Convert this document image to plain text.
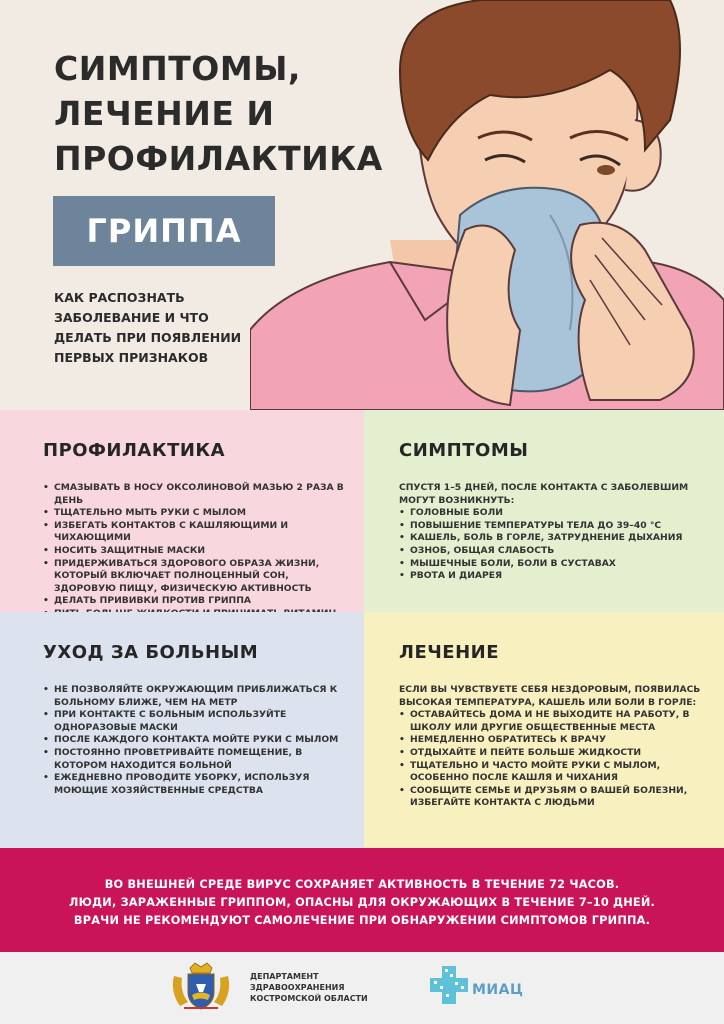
СИМПТОМЫ,
ЛЕЧЕНИЕ И
ПРОФИЛАКТИКА
ГРИППА
КАК РАСПОЗНАТЬ
ЗАБОЛЕВАНИЕ И ЧТО
ДЕЛАТЬ ПРИ ПОЯВЛЕНИИ
ПЕРВЫХ ПРИЗНАКОВ
ПРОФИЛАКТИКА
• СМАЗЫВАТЬ В НОСУ ОКСОЛИНОВОЙ МАЗЬЮ 2 РАЗА В ДЕНЬ
• ТЩАТЕЛЬНО МЫТЬ РУКИ С МЫЛОМ
• ИЗБЕГАТЬ КОНТАКТОВ С КАШЛЯЮЩИМИ И ЧИХАЮЩИМИ
• НОСИТЬ ЗАЩИТНЫЕ МАСКИ
• ПРИДЕРЖИВАТЬСЯ ЗДОРОВОГО ОБРАЗА ЖИЗНИ, КОТОРЫЙ ВКЛЮЧАЕТ ПОЛНОЦЕННЫЙ СОН, ЗДОРОВУЮ ПИЩУ, ФИЗИЧЕСКУЮ АКТИВНОСТЬ
• ДЕЛАТЬ ПРИВИВКИ ПРОТИВ ГРИППА
•
СИМПТОМЫ

СПУСТЯ 1–5 ДНЕЙ, ПОСЛЕ КОНТАКТА С ЗАБОЛЕВШИМ МОГУТ ВОЗНИКНУТЬ:

• ГОЛОВНЫЕ БОЛИ
• ПОВЫШЕНИЕ ТЕМПЕРАТУРЫ ТЕЛА ДО 39–40 °С
• КАШЕЛЬ, БОЛЬ В ГОРЛЕ, ЗАТРУДНЕНИЕ ДЫХАНИЯ
• ОЗНОБ, ОБЩАЯ СЛАБОСТЬ
• МЫШЕЧНЫЕ БОЛИ, БОЛИ В СУСТАВАХ
• РВОТА И ДИАРЕЯ
УХОД ЗА БОЛЬНЫМ
• НЕ ПОЗВОЛЯЙТЕ ОКРУЖАЮЩИМ ПРИБЛИЖАТЬСЯ К БОЛЬНОМУ БЛИЖЕ, ЧЕМ НА МЕТР
• ПРИ КОНТАКТЕ С БОЛЬНЫМ ИСПОЛЬЗУЙТЕ ОДНОРАЗОВЫЕ МАСКИ
• ПОСЛЕ КАЖДОГО КОНТАКТА МОЙТЕ РУКИ С МЫЛОМ
• ПОСТОЯННО ПРОВЕТРИВАЙТЕ ПОМЕЩЕНИЕ, В КОТОРОМ НАХОДИТСЯ БОЛЬНОЙ
• ЕЖЕДНЕВНО ПРОВОДИТЕ УБОРКУ, ИСПОЛЬЗУЯ МОЮЩИЕ ХОЗЯЙСТВЕННЫЕ СРЕДСТВА
ЛЕЧЕНИЕ

ЕСЛИ ВЫ ЧУВСТВУЕТЕ СЕБЯ НЕЗДОРОВЫМ, ПОЯВИЛАСЬ ВЫСОКАЯ ТЕМПЕРАТУРА, КАШЕЛЬ ИЛИ БОЛИ В ГОРЛЕ:

• ОСТАВАЙТЕСЬ ДОМА И НЕ ВЫХОДИТЕ НА РАБОТУ, В ШКОЛУ ИЛИ ДРУГИЕ ОБЩЕСТВЕННЫЕ МЕСТА
• НЕМЕДЛЕННО ОБРАТИТЕСЬ К ВРАЧУ
• ОТДЫХАЙТЕ И ПЕЙТЕ БОЛЬШЕ ЖИДКОСТИ
• ТЩАТЕЛЬНО И ЧАСТО МОЙТЕ РУКИ С МЫЛОМ, ОСОБЕННО ПОСЛЕ КАШЛЯ И ЧИХАНИЯ
• СООБЩИТЕ СЕМЬЕ И ДРУЗЬЯМ О ВАШЕЙ БОЛЕЗНИ, ИЗБЕГАЙТЕ КОНТАКТА С ЛЮДЬМИ
ВО ВНЕШНЕЙ СРЕДЕ ВИРУС СОХРАНЯЕТ АКТИВНОСТЬ В ТЕЧЕНИЕ 72 ЧАСОВ.
ЛЮДИ, ЗАРАЖЕННЫЕ ГРИППОМ, ОПАСНЫ ДЛЯ ОКРУЖАЮЩИХ В ТЕЧЕНИЕ 7–10 ДНЕЙ.
ВРАЧИ НЕ РЕКОМЕНДУЮТ САМОЛЕЧЕНИЕ ПРИ ОБНАРУЖЕНИИ СИМПТОМОВ ГРИППА.
ДЕПАРТАМЕНТ ЗДРАВООХРАНЕНИЯ
КОСТРОМСКОЙ ОБЛАСТИ
МИАЦ
